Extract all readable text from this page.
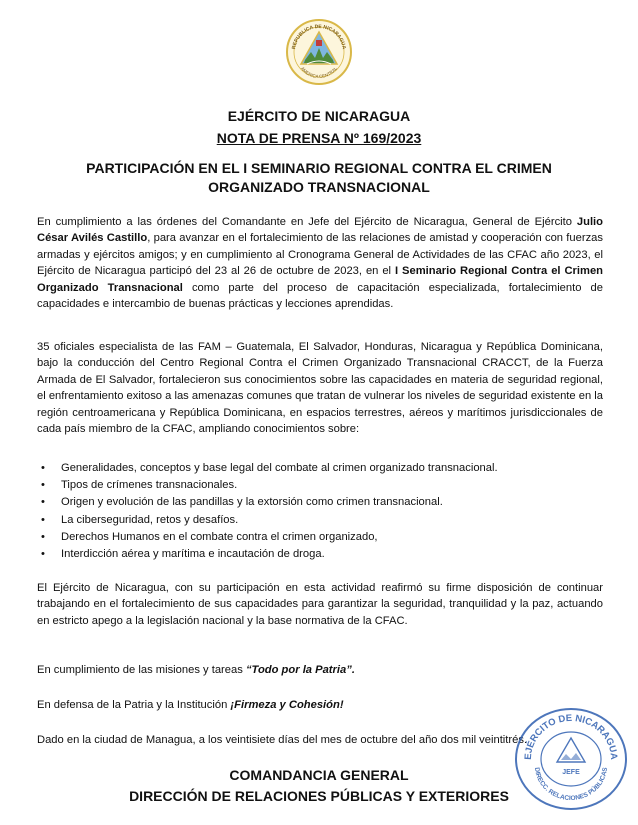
REPUBLICA DE NICARAGUA
AMERICA CENTRAL
EJÉRCITO DE NICARAGUA
NOTA DE PRENSA Nº 169/2023
PARTICIPACIÓN EN EL I SEMINARIO REGIONAL CONTRA EL CRIMEN
ORGANIZADO TRANSNACIONAL
En cumplimiento a las órdenes del Comandante en Jefe del Ejército de Nicaragua, General de Ejército Julio César Avilés Castillo, para avanzar en el fortalecimiento de las relaciones de amistad y cooperación con fuerzas armadas y ejércitos amigos; y en cumplimiento al Cronograma General de Actividades de las CFAC año 2023, el Ejército de Nicaragua participó del 23 al 26 de octubre de 2023, en el I Seminario Regional Contra el Crimen Organizado Transnacional como parte del proceso de capacitación especializada, fortalecimiento de capacidades e intercambio de buenas prácticas y lecciones aprendidas.
35 oficiales especialista de las FAM – Guatemala, El Salvador, Honduras, Nicaragua y República Dominicana, bajo la conducción del Centro Regional Contra el Crimen Organizado Transnacional CRACCT, de la Fuerza Armada de El Salvador, fortalecieron sus conocimientos sobre las capacidades en materia de seguridad regional, el enfrentamiento exitoso a las amenazas comunes que tratan de vulnerar los niveles de seguridad existente en la región centroamericana y República Dominicana, en espacios terrestres, aéreos y marítimos jurisdiccionales de cada país miembro de la CFAC, ampliando conocimientos sobre:
• Generalidades, conceptos y base legal del combate al crimen organizado transnacional.
• Tipos de crímenes transnacionales.
• Origen y evolución de las pandillas y la extorsión como crimen transnacional.
• La ciberseguridad, retos y desafíos.
• Derechos Humanos en el combate contra el crimen organizado,
• Interdicción aérea y marítima e incautación de droga.
El Ejército de Nicaragua, con su participación en esta actividad reafirmó su firme disposición de continuar trabajando en el fortalecimiento de sus capacidades para garantizar la seguridad, tranquilidad y la paz, actuando en estricto apego a la legislación nacional y la base normativa de la CFAC.
En cumplimiento de las misiones y tareas “Todo por la Patria”.
En defensa de la Patria y la Institución ¡Firmeza y Cohesión!
Dado en la ciudad de Managua, a los veintisiete días del mes de octubre del año dos mil veintitrés.
JEFE
EJÉRCITO DE NICARAGUA
DIRECC. RELACIONES PÚBLICAS
COMANDANCIA GENERAL
DIRECCIÓN DE RELACIONES PÚBLICAS Y EXTERIORES
